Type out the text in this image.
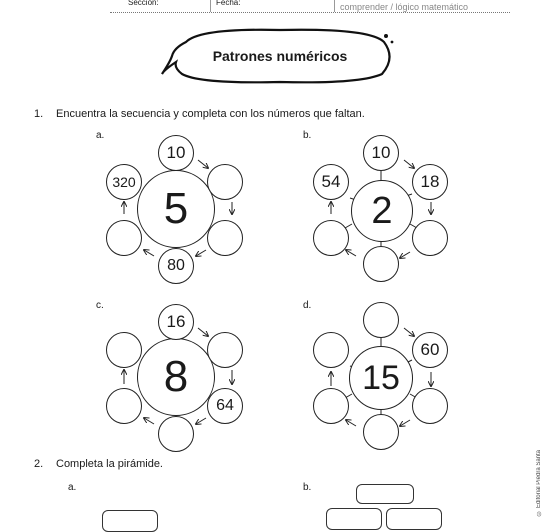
Sección:	Fecha:	comprender / lógico matemático
Patrones numéricos
1. Encuentra la secuencia y completa con los números que faltan.
a.
5
10
80
320
b.
2
10
18
54
c.
8
16
64
d.
15
60
2. Completa la pirámide.
a.	b.	© Editorial Piedra Santa
